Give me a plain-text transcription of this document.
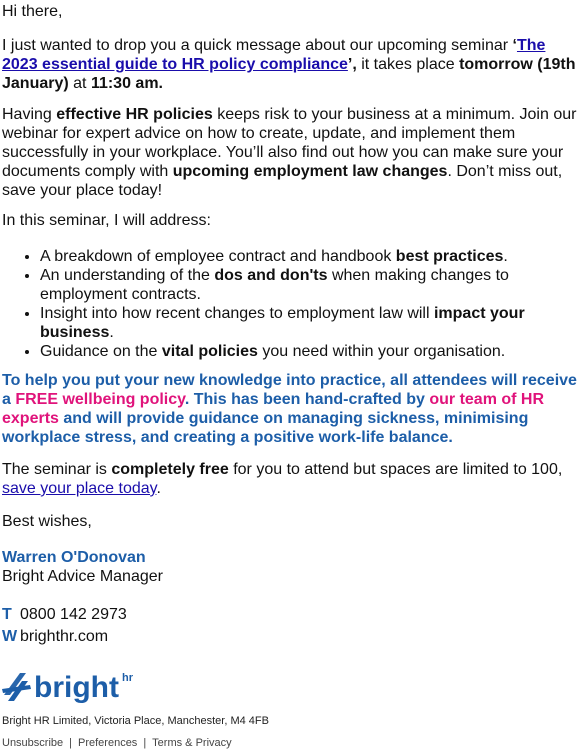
Hi there,

I just wanted to drop you a quick message about our upcoming seminar ‘The 2023 essential guide to HR policy compliance’, it takes place tomorrow (19th January) at 11:30 am.

Having effective HR policies keeps risk to your business at a minimum. Join our webinar for expert advice on how to create, update, and implement them successfully in your workplace. You’ll also find out how you can make sure your documents comply with upcoming employment law changes. Don’t miss out, save your place today!

In this seminar, I will address:

• A breakdown of employee contract and handbook best practices.
• An understanding of the dos and don'ts when making changes to employment contracts.
• Insight into how recent changes to employment law will impact your business.
• Guidance on the vital policies you need within your organisation.

To help you put your new knowledge into practice, all attendees will receive a FREE wellbeing policy. This has been hand-crafted by our team of HR experts and will provide guidance on managing sickness, minimising workplace stress, and creating a positive work-life balance.

The seminar is completely free for you to attend but spaces are limited to 100, save your place today.

Best wishes,

Warren O'Donovan

Bright Advice Manager

T 0800 142 2973

W brighthr.com

bright hr
Bright HR Limited, Victoria Place, Manchester, M4 4FB
Unsubscribe | Preferences | Terms & Privacy
